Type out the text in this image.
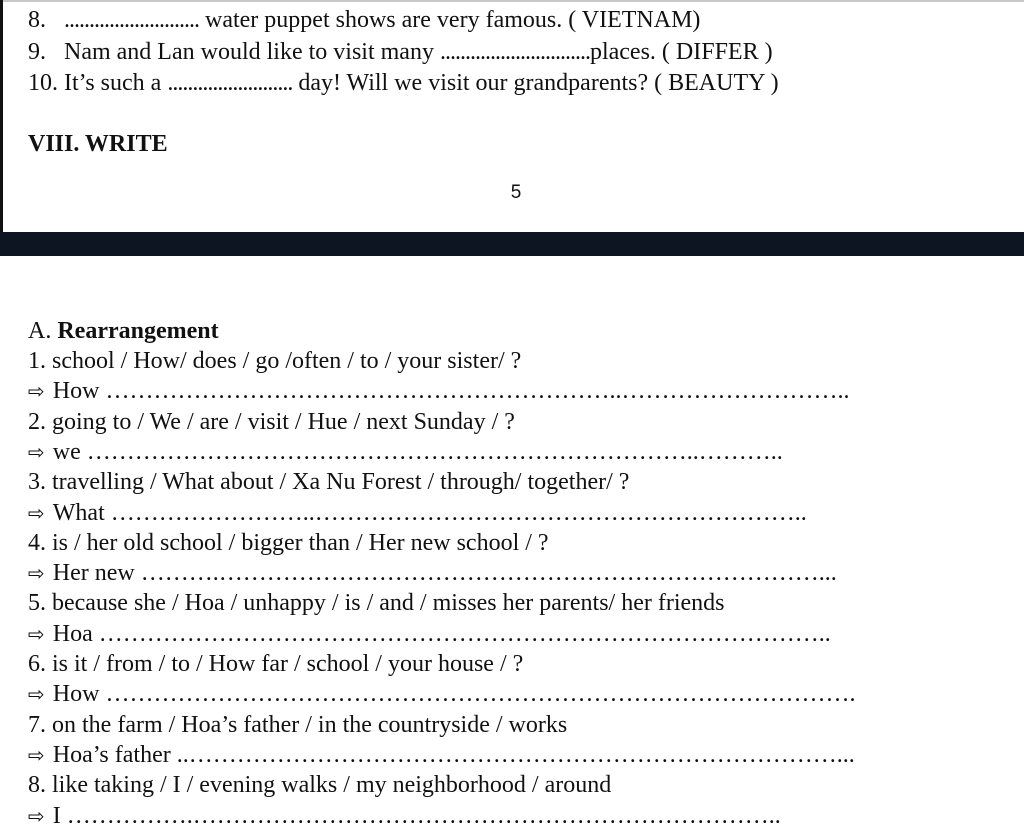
8. ........................... water puppet shows are very famous. ( VIETNAM)
9. Nam and Lan would like to visit many ..............................places. ( DIFFER )
10. It’s such a ......................... day! Will we visit our grandparents? ( BEAUTY )
VIII. WRITE
5
A. Rearrangement
1. school / How/ does / go /often / to / your sister/ ?
⇨ How ………………………………………………………..………………………..
2. going to / We / are / visit / Hue / next Sunday / ?
⇨ we …………………………………………………………………..………..
3. travelling / What about / Xa Nu Forest / through/ together/ ?
⇨ What ……………………..……………………………………………………..
4. is / her old school / bigger than / Her new school / ?
⇨ Her new ……….…………………………………………………………………...
5. because she / Hoa / unhappy / is / and / misses her parents/ her friends
⇨ Hoa ………………………………………………………………………………..
6. is it / from / to / How far / school / your house / ?
⇨ How ………………………………………………………………………………….
7. on the farm / Hoa’s father / in the countryside / works
⇨ Hoa’s father ..………………………………………………………………………...
8. like taking / I / evening walks / my neighborhood / around
⇨ I …………….………………………………………………………………..
